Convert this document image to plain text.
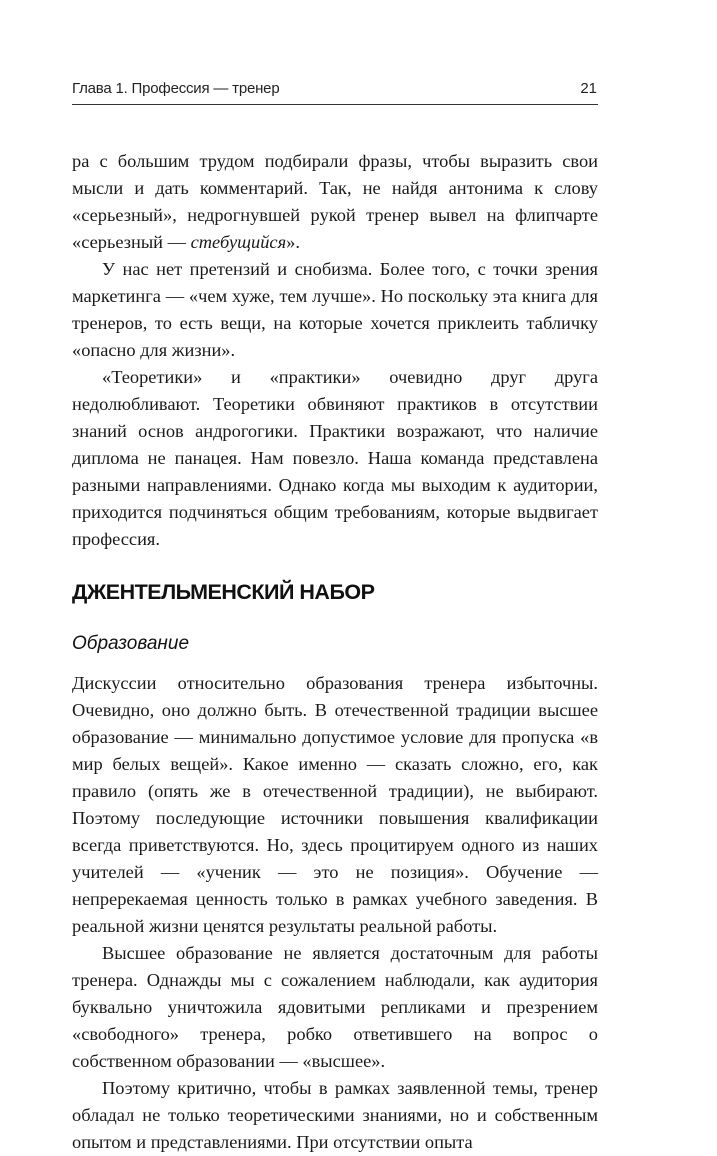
Глава 1. Профессия — тренер	21

ра с большим трудом подбирали фразы, чтобы выразить свои мысли и дать комментарий. Так, не найдя антонима к слову «серьезный», недрогнувшей рукой тренер вывел на флипчарте «серьезный — стебущийся».

У нас нет претензий и снобизма. Более того, с точки зрения маркетинга — «чем хуже, тем лучше». Но поскольку эта книга для тренеров, то есть вещи, на которые хочется приклеить табличку «опасно для жизни».

«Теоретики» и «практики» очевидно друг друга недолюбливают. Теоретики обвиняют практиков в отсутствии знаний основ андрогогики. Практики возражают, что наличие диплома не панацея. Нам повезло. Наша команда представлена разными направлениями. Однако когда мы выходим к аудитории, приходится подчиняться общим требованиям, которые выдвигает профессия.

ДЖЕНТЕЛЬМЕНСКИЙ НАБОР
Образование

Дискуссии относительно образования тренера избыточны. Очевидно, оно должно быть. В отечественной традиции высшее образование — минимально допустимое условие для пропуска «в мир белых вещей». Какое именно — сказать сложно, его, как правило (опять же в отечественной традиции), не выбирают. Поэтому последующие источники повышения квалификации всегда приветствуются. Но, здесь процитируем одного из наших учителей — «ученик — это не позиция». Обучение — непререкаемая ценность только в рамках учебного заведения. В реальной жизни ценятся результаты реальной работы.

Высшее образование не является достаточным для работы тренера. Однажды мы с сожалением наблюдали, как аудитория буквально уничтожила ядовитыми репликами и презрением «свободного» тренера, робко ответившего на вопрос о собственном образовании — «высшее».

Поэтому критично, чтобы в рамках заявленной темы, тренер обладал не только теоретическими знаниями, но и собственным опытом и представлениями. При отсутствии опыта
